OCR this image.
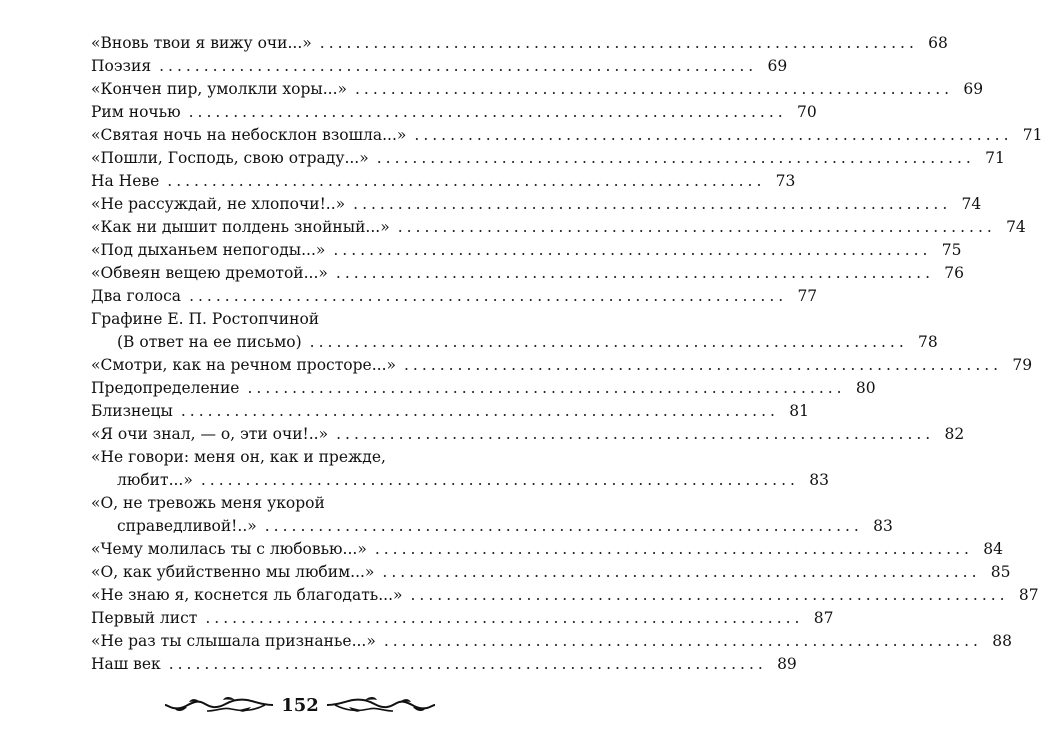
«Вновь твои я вижу очи...» ................................................................... 68
Поэзия ................................................................... 69
«Кончен пир, умолкли хоры...» ................................................................... 69
Рим ночью ................................................................... 70
«Святая ночь на небосклон взошла...» ................................................................... 71
«Пошли, Господь, свою отраду...» ................................................................... 71
На Неве ................................................................... 73
«Не рассуждай, не хлопочи!..» ................................................................... 74
«Как ни дышит полдень знойный...» ................................................................... 74
«Под дыханьем непогоды...» ................................................................... 75
«Обвеян вещею дремотой...» ................................................................... 76
Два голоса ................................................................... 77
Графине Е. П. Ростопчиной
(В ответ на ее письмо) ................................................................... 78
«Смотри, как на речном просторе...» ................................................................... 79
Предопределение ................................................................... 80
Близнецы ................................................................... 81
«Я очи знал, — о, эти очи!..» ................................................................... 82
«Не говори: меня он, как и прежде,
любит...» ................................................................... 83
«О, не тревожь меня укорой
справедливой!..» ................................................................... 83
«Чему молилась ты с любовью...» ................................................................... 84
«О, как убийственно мы любим...» ................................................................... 85
«Не знаю я, коснется ль благодать...» ................................................................... 87
Первый лист ................................................................... 87
«Не раз ты слышала признанье...» ................................................................... 88
Наш век ................................................................... 89
152
